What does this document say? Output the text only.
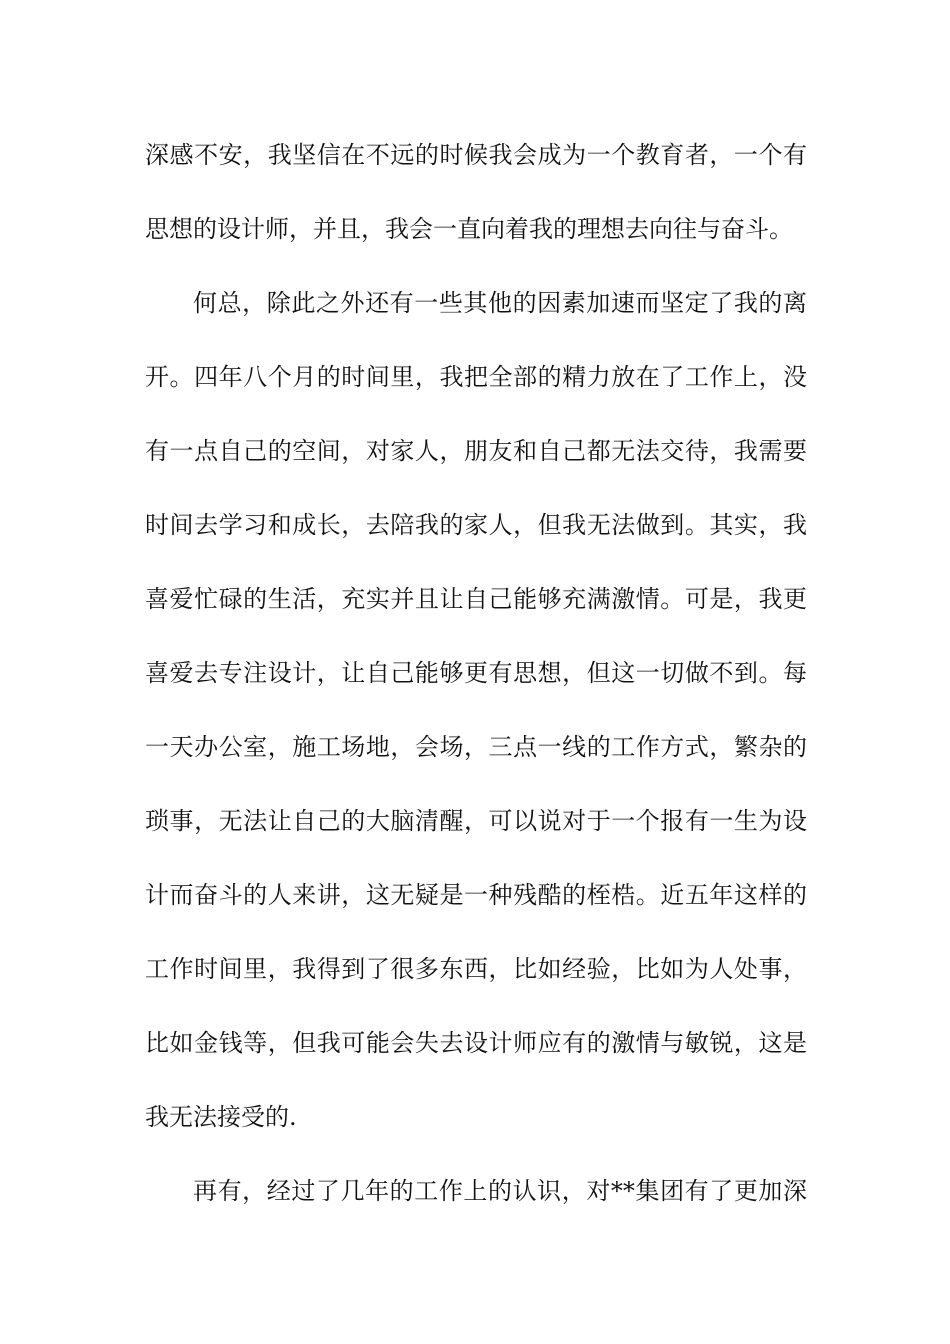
深感不安，我坚信在不远的时候我会成为一个教育者，一个有
思想的设计师，并且，我会一直向着我的理想去向往与奋斗。
何总，除此之外还有一些其他的因素加速而坚定了我的离
开。四年八个月的时间里，我把全部的精力放在了工作上，没
有一点自己的空间，对家人，朋友和自己都无法交待，我需要
时间去学习和成长，去陪我的家人，但我无法做到。其实，我
喜爱忙碌的生活，充实并且让自己能够充满激情。可是，我更
喜爱去专注设计，让自己能够更有思想，但这一切做不到。每
一天办公室，施工场地，会场，三点一线的工作方式，繁杂的
琐事，无法让自己的大脑清醒，可以说对于一个报有一生为设
计而奋斗的人来讲，这无疑是一种残酷的桎梏。近五年这样的
工作时间里，我得到了很多东西，比如经验，比如为人处事，
比如金钱等，但我可能会失去设计师应有的激情与敏锐，这是
我无法接受的.
再有，经过了几年的工作上的认识，对**集团有了更加深
